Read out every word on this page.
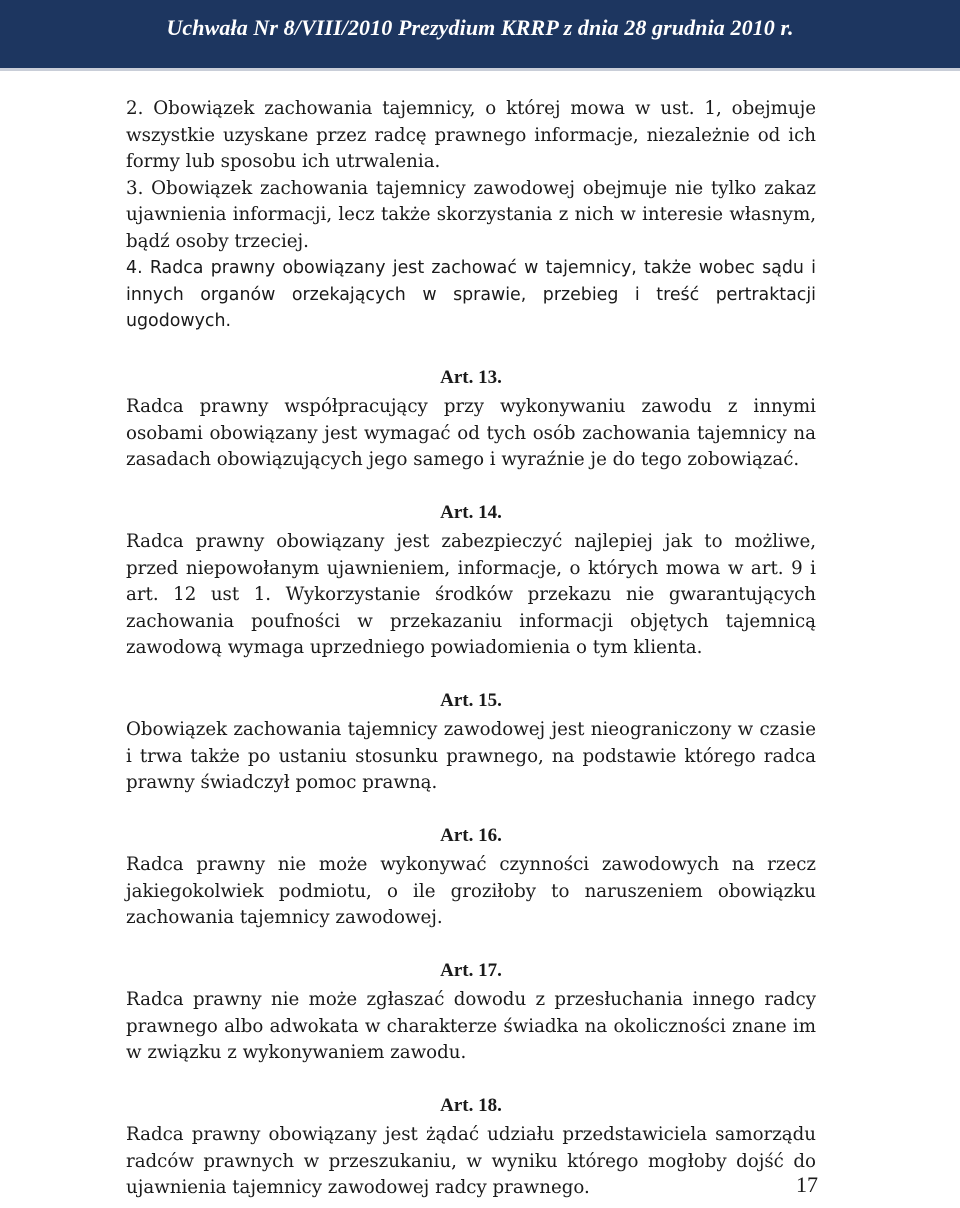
Uchwała Nr 8/VIII/2010 Prezydium KRRP z dnia 28 grudnia 2010 r.

2. Obowiązek zachowania tajemnicy, o której mowa w ust. 1, obejmuje wszystkie uzyskane przez radcę prawnego informacje, niezależnie od ich formy lub sposobu ich utrwalenia.

3. Obowiązek zachowania tajemnicy zawodowej obejmuje nie tylko zakaz ujawnienia informacji, lecz także skorzystania z nich w interesie własnym, bądź osoby trzeciej.

4. Radca prawny obowiązany jest zachować w tajemnicy, także wobec sądu i innych organów orzekających w sprawie, przebieg i treść pertraktacji ugodowych.

Art. 13.

Radca prawny współpracujący przy wykonywaniu zawodu z innymi osobami obowiązany jest wymagać od tych osób zachowania tajemnicy na zasadach obowiązujących jego samego i wyraźnie je do tego zobowiązać.

Art. 14.

Radca prawny obowiązany jest zabezpieczyć najlepiej jak to możliwe, przed niepowołanym ujawnieniem, informacje, o których mowa w art. 9 i art. 12 ust 1. Wykorzystanie środków przekazu nie gwarantujących zachowania poufności w przekazaniu informacji objętych tajemnicą zawodową wymaga uprzedniego powiadomienia o tym klienta.

Art. 15.

Obowiązek zachowania tajemnicy zawodowej jest nieograniczony w czasie i trwa także po ustaniu stosunku prawnego, na podstawie którego radca prawny świadczył pomoc prawną.

Art. 16.

Radca prawny nie może wykonywać czynności zawodowych na rzecz jakiegokolwiek podmiotu, o ile groziłoby to naruszeniem obowiązku zachowania tajemnicy zawodowej.

Art. 17.

Radca prawny nie może zgłaszać dowodu z przesłuchania innego radcy prawnego albo adwokata w charakterze świadka na okoliczności znane im w związku z wykonywaniem zawodu.

Art. 18.

Radca prawny obowiązany jest żądać udziału przedstawiciela samorządu radców prawnych w przeszukaniu, w wyniku którego mogłoby dojść do ujawnienia tajemnicy zawodowej radcy prawnego.	17
